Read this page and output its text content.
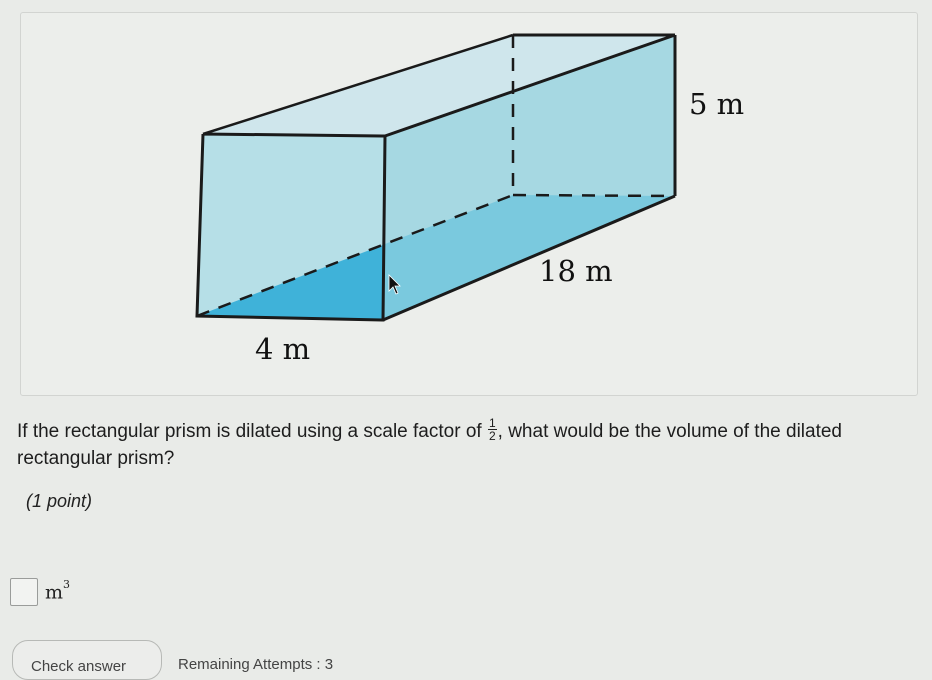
5 m
18 m
4 m
If the rectangular prism is dilated using a scale factor of $\frac{1}{2}$ , what would be the volume of the dilated rectangular prism?
(1 point)
$m^3$
Check answer	Remaining Attempts : 3
